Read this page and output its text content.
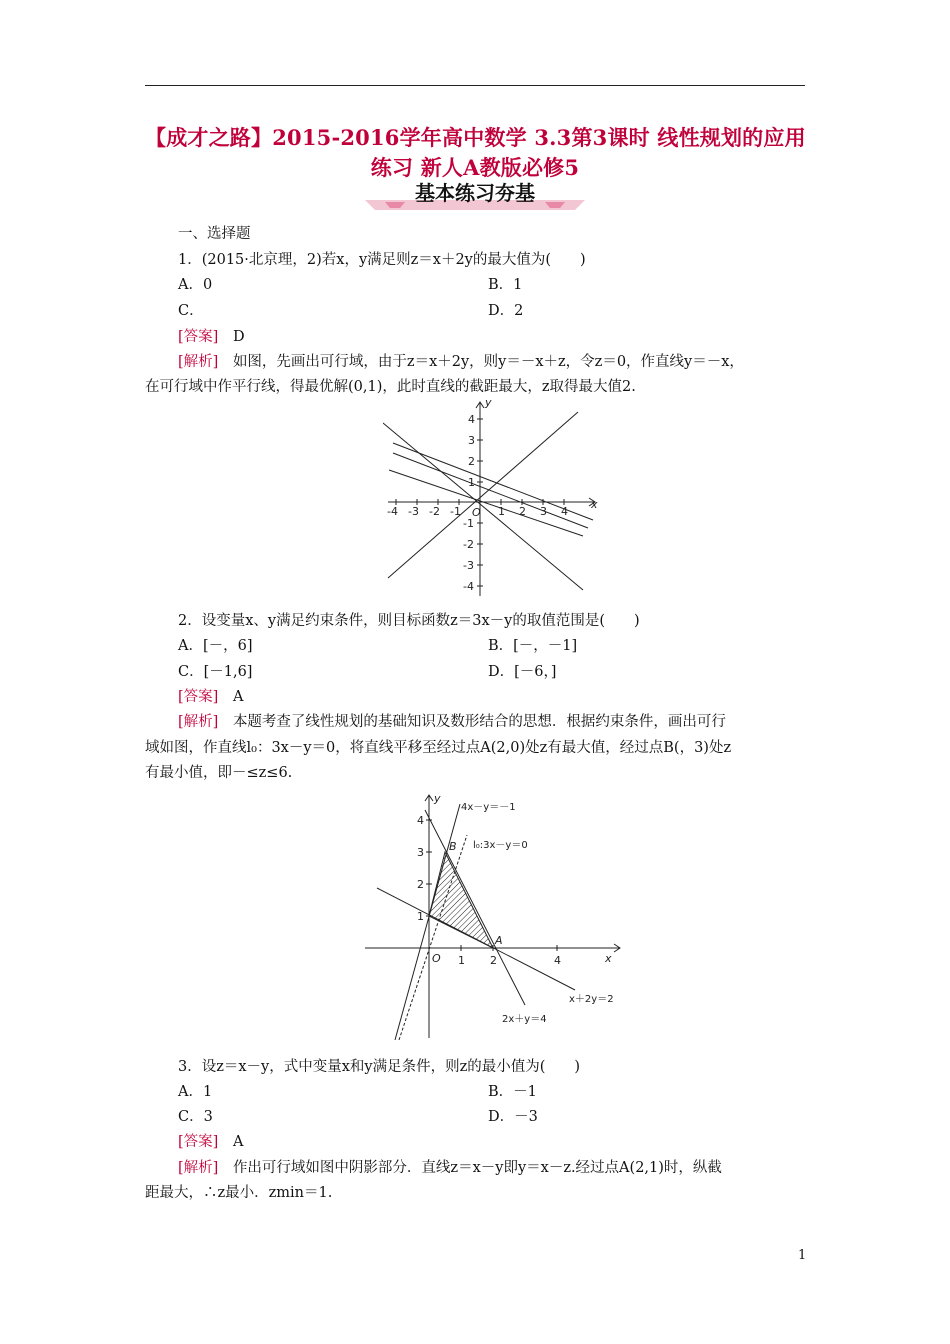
【成才之路】2015-2016学年高中数学 3.3第3课时 线性规划的应用
练习 新人A教版必修5
基本练习夯基
一、选择题
1．(2015·北京理，2)若x，y满足则z＝x＋2y的最大值为(　　)
A．0	B．1
C．	D．2
[答案] D
[解析] 如图，先画出可行域，由于z＝x＋2y，则y＝－x＋z，令z＝0，作直线y＝－x，
在可行域中作平行线，得最优解(0,1)，此时直线的截距最大，z取得最大值2.
x
y
O
-4 -3 -2 -1	1 2 3 4
4
3
2
1
-1
-2
-3
-4
2．设变量x、y满足约束条件，则目标函数z＝3x－y的取值范围是(　　)
A．[－，6]	B．[－，－1]
C．[－1,6]	D．[－6，]
[答案] A
[解析] 本题考查了线性规划的基础知识及数形结合的思想．根据约束条件，画出可行
域如图，作直线l₀：3x－y＝0，将直线平移至经过点A(2,0)处z有最大值，经过点B(，3)处z
有最小值，即－≤z≤6.
x
y
O 1 2	4
1
2
3
4
B
A
4x－y＝－1
l₀:3x－y＝0
x＋2y＝2
2x＋y＝4
3．设z＝x－y，式中变量x和y满足条件，则z的最小值为(　　)
A．1	B．－1
C．3	D．－3
[答案] A
[解析] 作出可行域如图中阴影部分．直线z＝x－y即y＝x－z.经过点A(2,1)时，纵截
距最大，∴z最小．zmin＝1.
1
